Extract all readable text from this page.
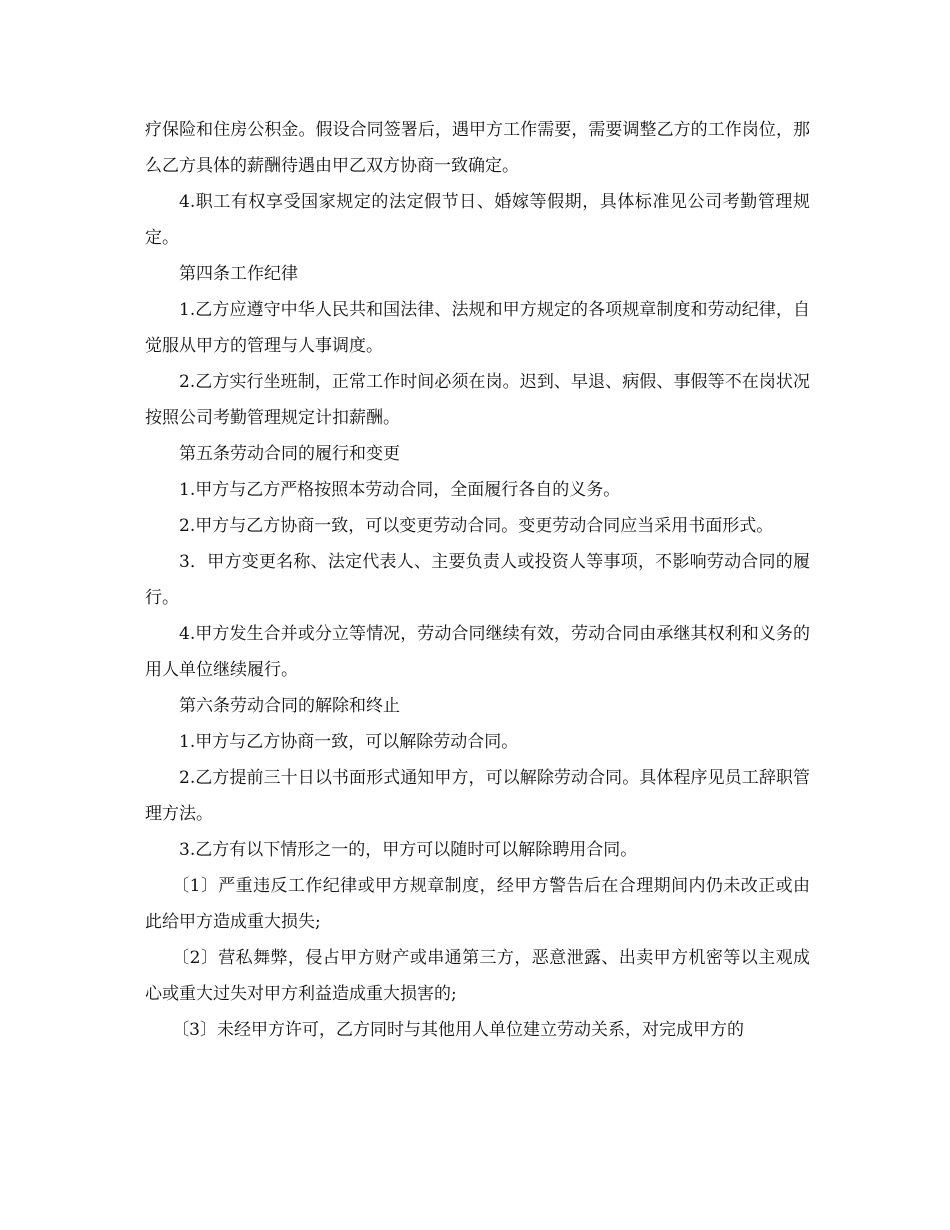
疗保险和住房公积金。假设合同签署后，遇甲方工作需要，需要调整乙方的工作岗位，那么乙方具体的薪酬待遇由甲乙双方协商一致确定。

4.职工有权享受国家规定的法定假节日、婚嫁等假期，具体标准见公司考勤管理规定。

第四条工作纪律

1.乙方应遵守中华人民共和国法律、法规和甲方规定的各项规章制度和劳动纪律，自觉服从甲方的管理与人事调度。

2.乙方实行坐班制，正常工作时间必须在岗。迟到、早退、病假、事假等不在岗状况按照公司考勤管理规定计扣薪酬。

第五条劳动合同的履行和变更

1.甲方与乙方严格按照本劳动合同，全面履行各自的义务。

2.甲方与乙方协商一致，可以变更劳动合同。变更劳动合同应当采用书面形式。

3．甲方变更名称、法定代表人、主要负责人或投资人等事项，不影响劳动合同的履行。

4.甲方发生合并或分立等情况，劳动合同继续有效，劳动合同由承继其权利和义务的用人单位继续履行。

第六条劳动合同的解除和终止

1.甲方与乙方协商一致，可以解除劳动合同。

2.乙方提前三十日以书面形式通知甲方，可以解除劳动合同。具体程序见员工辞职管理方法。

3.乙方有以下情形之一的，甲方可以随时可以解除聘用合同。

〔1〕严重违反工作纪律或甲方规章制度，经甲方警告后在合理期间内仍未改正或由此给甲方造成重大损失;

〔2〕营私舞弊，侵占甲方财产或串通第三方，恶意泄露、出卖甲方机密等以主观成心或重大过失对甲方利益造成重大损害的;

〔3〕未经甲方许可，乙方同时与其他用人单位建立劳动关系，对完成甲方的
